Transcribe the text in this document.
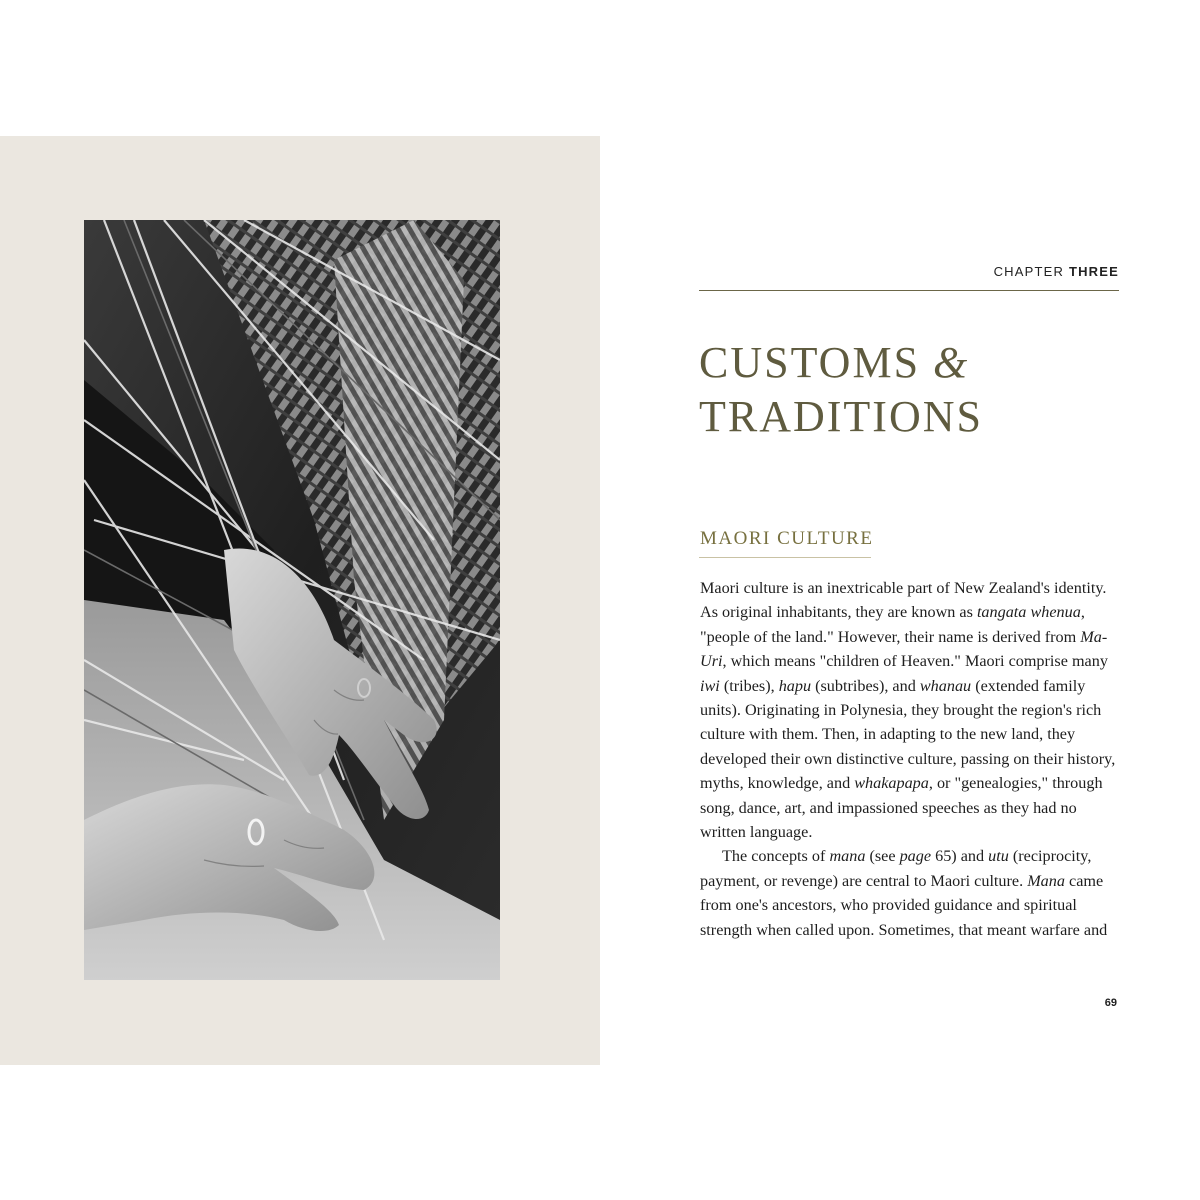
CHAPTER THREE
CUSTOMS &
TRADITIONS
MAORI CULTURE

Maori culture is an inextricable part of New Zealand's identity. As original inhabitants, they are known as tangata whenua, "people of the land." However, their name is derived from Ma-Uri, which means "children of Heaven." Maori comprise many iwi (tribes), hapu (subtribes), and whanau (extended family units). Originating in Polynesia, they brought the region's rich culture with them. Then, in adapting to the new land, they developed their own distinctive culture, passing on their history, myths, knowledge, and whakapapa, or "genealogies," through song, dance, art, and impassioned speeches as they had no written language.

The concepts of mana (see page 65) and utu (reciprocity, payment, or revenge) are central to Maori culture. Mana came from one's ancestors, who provided guidance and spiritual strength when called upon. Sometimes, that meant warfare and

69
